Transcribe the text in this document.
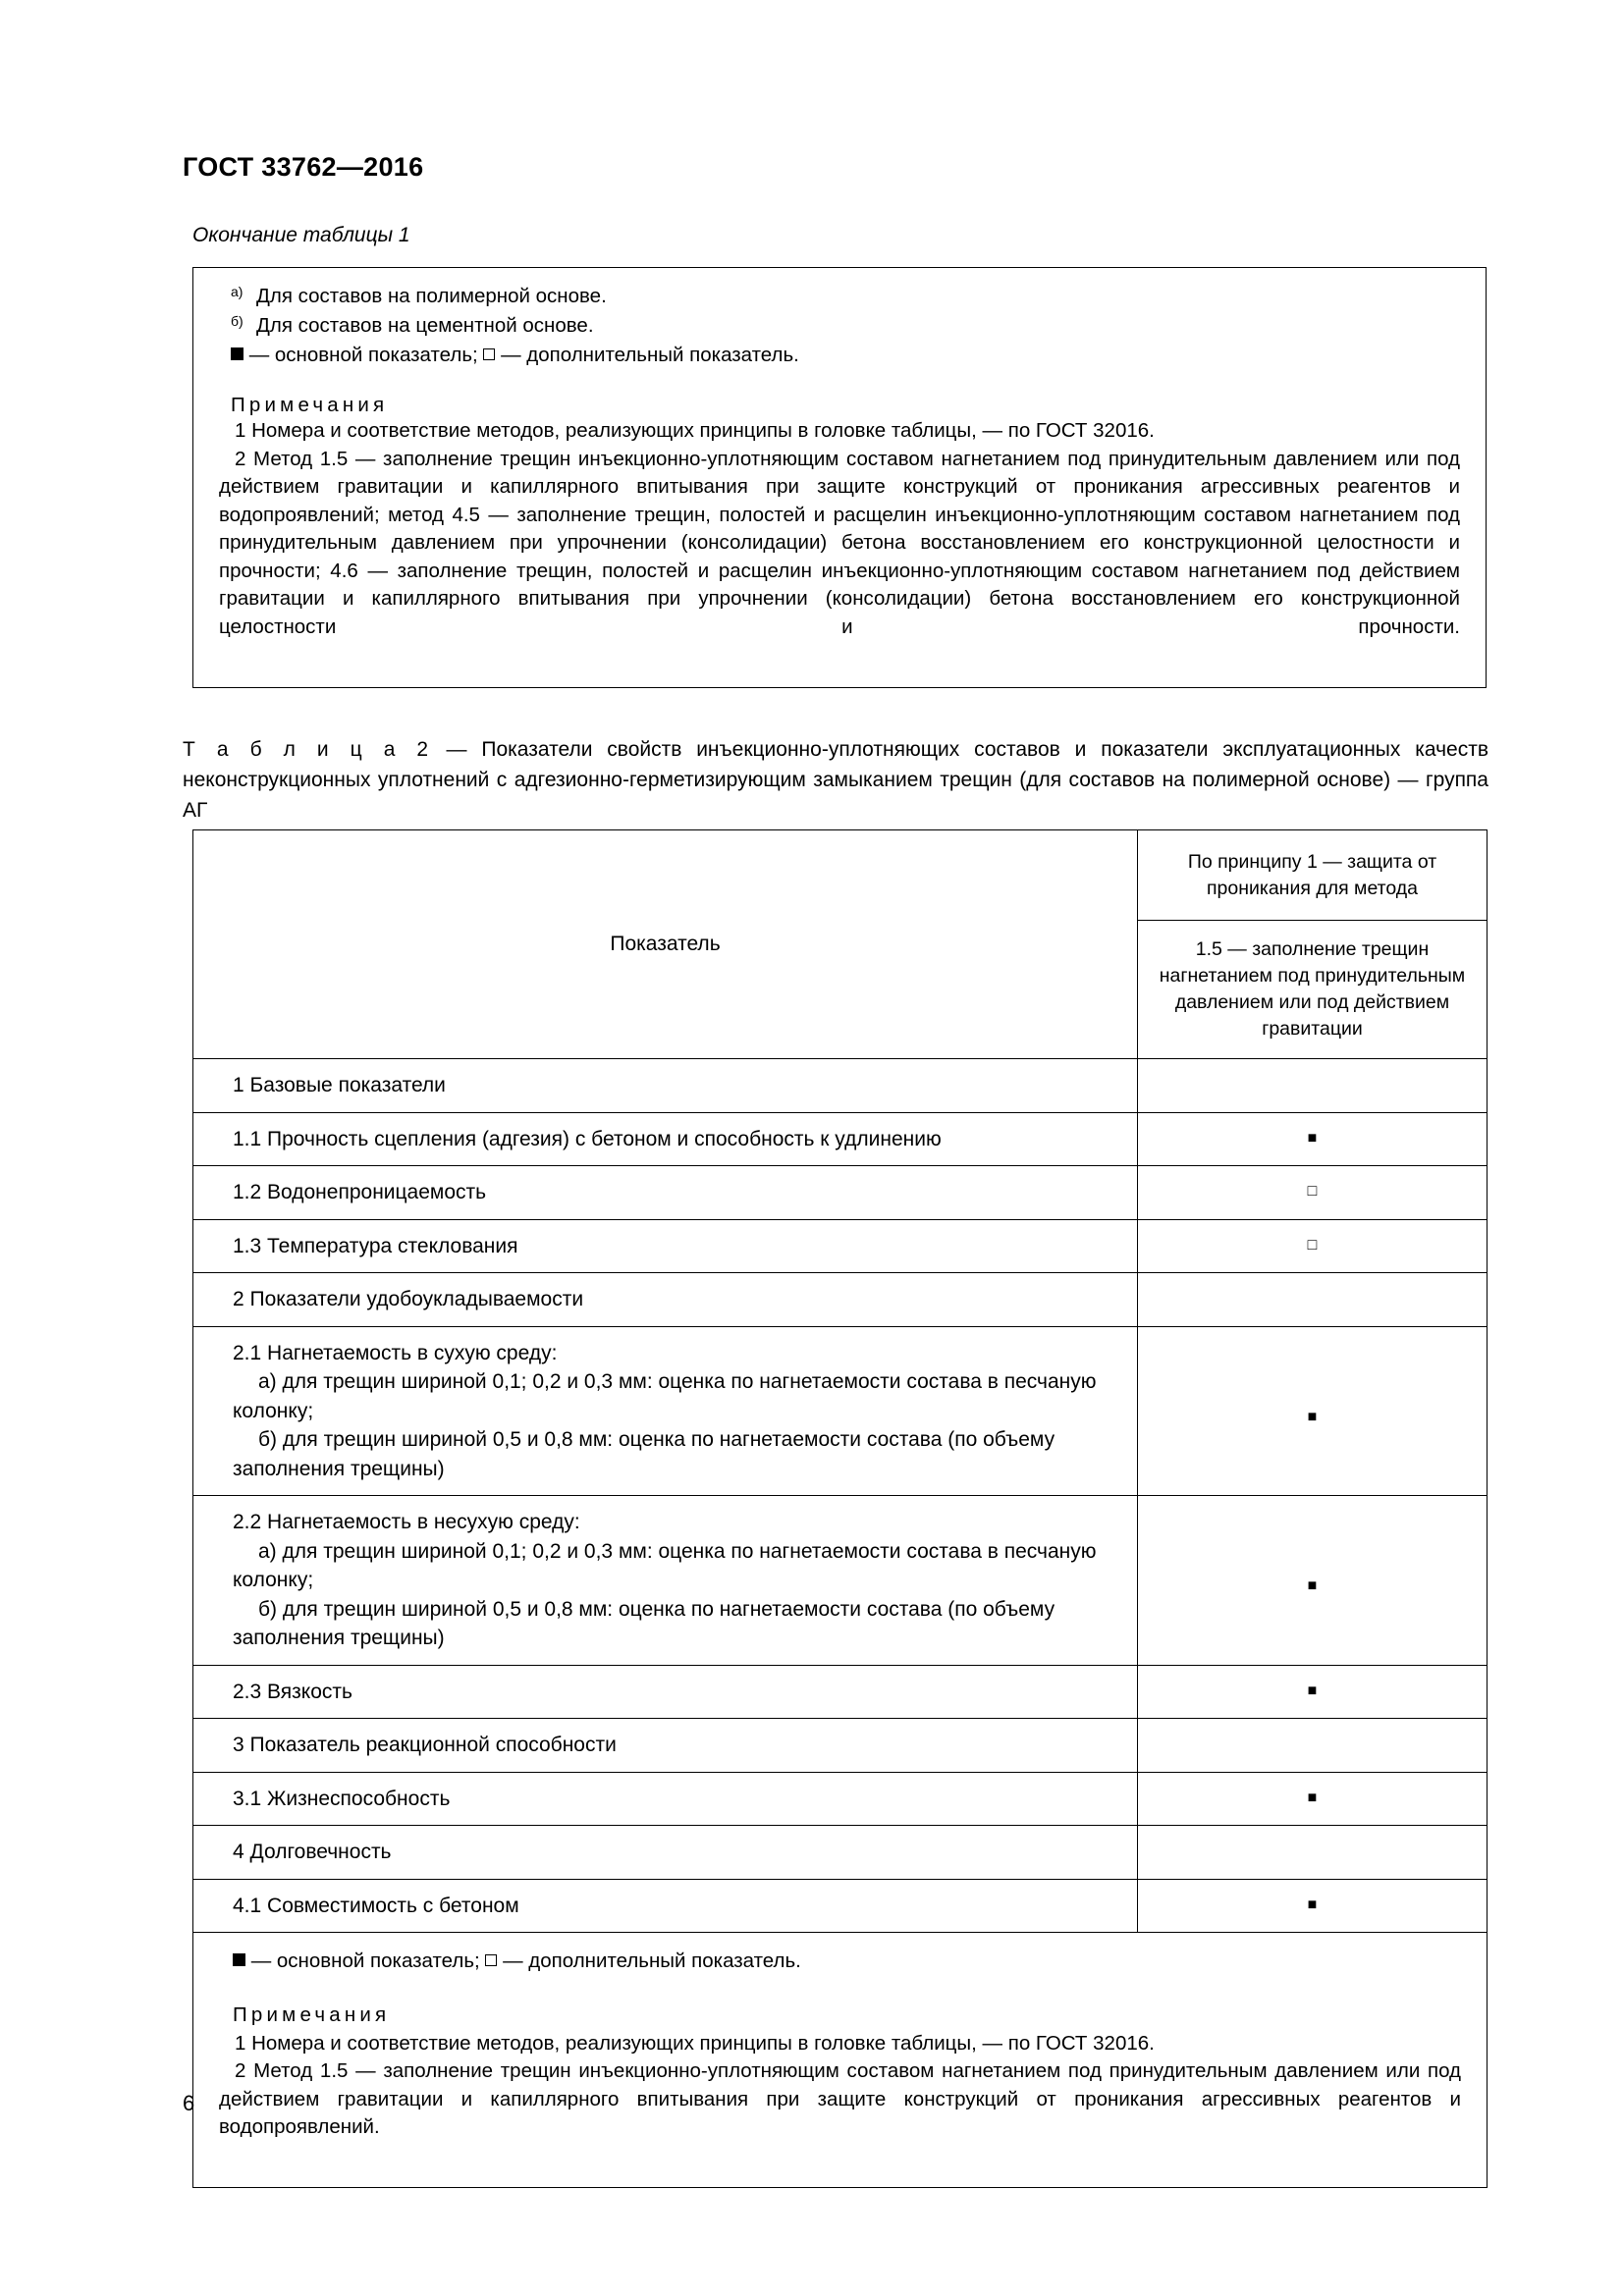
ГОСТ 33762—2016
Окончание таблицы 1
а) Для составов на полимерной основе.
б) Для составов на цементной основе.
— основной показатель; — дополнительный показатель.
Примечания
1 Номера и соответствие методов, реализующих принципы в головке таблицы, — по ГОСТ 32016.
2 Метод 1.5 — заполнение трещин инъекционно-уплотняющим составом нагнетанием под принудительным давлением или под действием гравитации и капиллярного впитывания при защите конструкций от проникания агрессивных реагентов и водопроявлений; метод 4.5 — заполнение трещин, полостей и расщелин инъекционно-уплотняющим составом нагнетанием под принудительным давлением при упрочнении (консолидации) бетона восстановлением его конструкционной целостности и прочности; 4.6 — заполнение трещин, полостей и расщелин инъекционно-уплотняющим составом нагнетанием под действием гравитации и капиллярного впитывания при упрочнении (консолидации) бетона восстановлением его конструкционной целостности и прочности.
Т а б л и ц а 2 — Показатели свойств инъекционно-уплотняющих составов и показатели эксплуатационных качеств неконструкционных уплотнений с адгезионно-герметизирующим замыканием трещин (для составов на полимерной основе) — группа АГ
Показатель	По принципу 1 — защита от проникания для метода
	1.5 — заполнение трещин нагнетанием под принудительным давлением или под действием гравитации
1 Базовые показатели	
1.1 Прочность сцепления (адгезия) с бетоном и способность к удлинению	■
1.2 Водонепроницаемость	□
1.3 Температура стеклования	□
2 Показатели удобоукладываемости	
2.1 Нагнетаемость в сухую среду:
а) для трещин шириной 0,1; 0,2 и 0,3 мм: оценка по нагнетаемости состава в песчаную колонку;
б) для трещин шириной 0,5 и 0,8 мм: оценка по нагнетаемости состава (по объему заполнения трещины)	■
2.2 Нагнетаемость в несухую среду:
а) для трещин шириной 0,1; 0,2 и 0,3 мм: оценка по нагнетаемости состава в песчаную колонку;
б) для трещин шириной 0,5 и 0,8 мм: оценка по нагнетаемости состава (по объему заполнения трещины)	■
2.3 Вязкость	■
3 Показатель реакционной способности	
3.1 Жизнеспособность	■
4 Долговечность	
4.1 Совместимость с бетоном	■

— основной показатель; — дополнительный показатель.
Примечания
1 Номера и соответствие методов, реализующих принципы в головке таблицы, — по ГОСТ 32016.
2 Метод 1.5 — заполнение трещин инъекционно-уплотняющим составом нагнетанием под принудительным давлением или под действием гравитации и капиллярного впитывания при защите конструкций от проникания агрессивных реагентов и водопроявлений.	
6
